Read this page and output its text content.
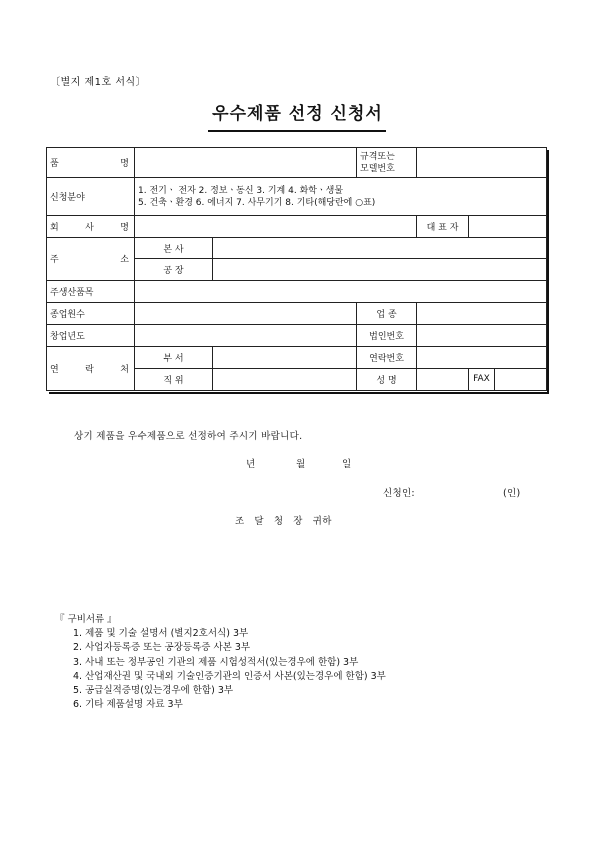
〔별지 제1호 서식〕
우수제품 선정 신청서
품 명			규격또는
모델번호			
신청분야	1. 전기ㆍ 전자 2. 정보ㆍ동신 3. 기계 4. 화학ㆍ생물
5. 건축ㆍ환경 6. 에너지 7. 사무기기 8. 기타(해당란에 ○표)					

회 사 명				대 표 자		

주 소	본 사					
	공 장					
주생산품목						
종업원수			업 종			
창업년도			법인번호			

연 락 처	부 서		연락번호			
	직 위		성 명		FAX	
상기 제품을 우수제품으로 선정하여 주시기 바랍니다.
년	월	일
신청인:	(인)
조   달   청   장   귀하
『 구비서류 』
1. 제품 및 기술 설명서 (별지2호서식) 3부
2. 사업자등록증 또는 공장등록증 사본 3부
3. 사내 또는 정부공인 기관의 제품 시험성적서(있는경우에 한함) 3부
4. 산업재산권 및 국내외 기술인증기관의 인증서 사본(있는경우에 한함) 3부
5. 공급실적증명(있는경우에 한함) 3부
6. 기타 제품설명 자료 3부
